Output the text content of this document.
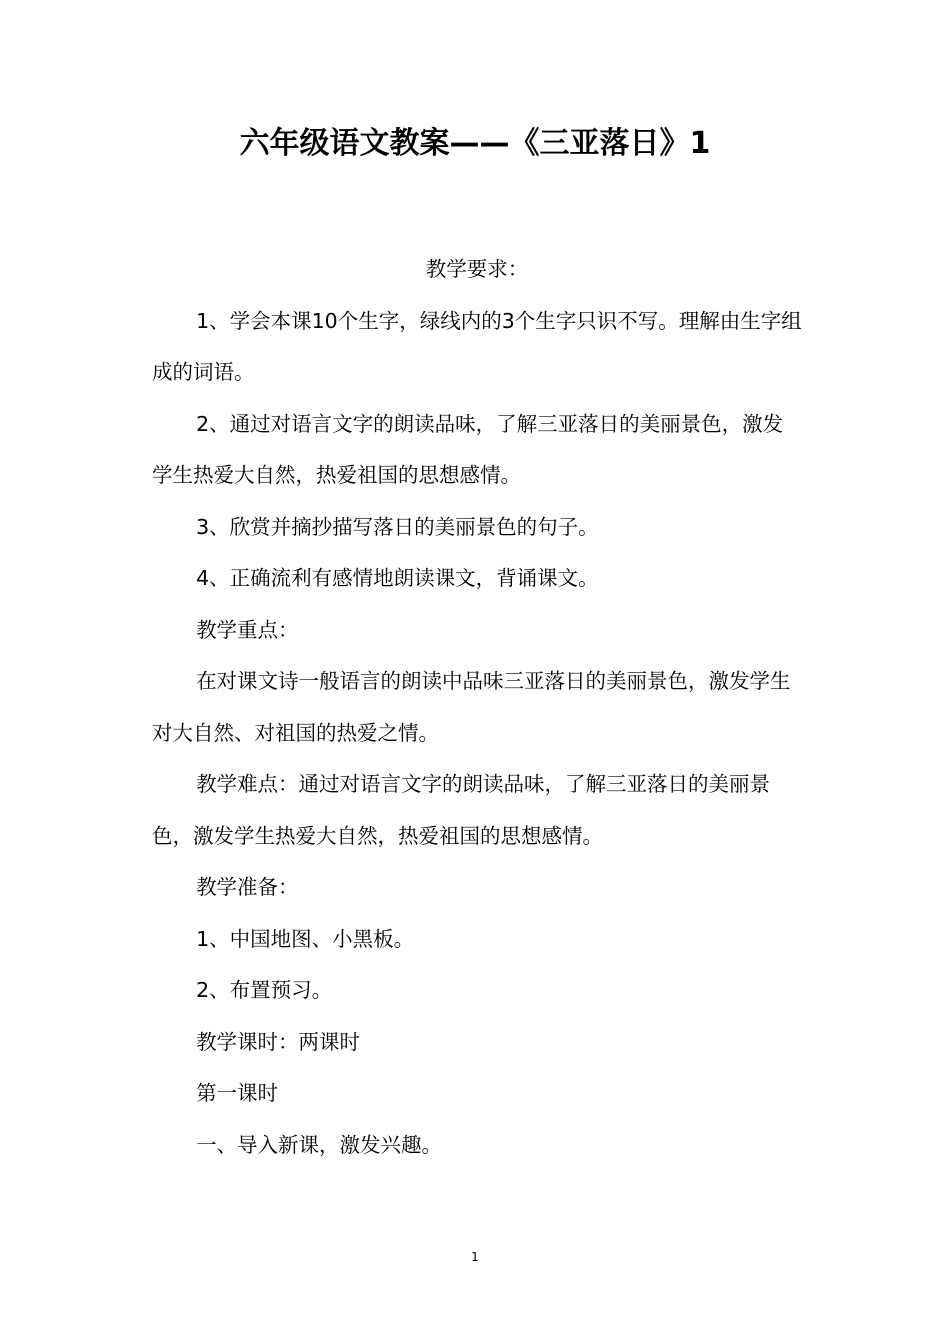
六年级语文教案——《三亚落日》1

教学要求：

1、学会本课10个生字，绿线内的3个生字只识不写。理解由生字组成的词语。

2、通过对语言文字的朗读品味，了解三亚落日的美丽景色，激发学生热爱大自然，热爱祖国的思想感情。

3、欣赏并摘抄描写落日的美丽景色的句子。

4、正确流利有感情地朗读课文，背诵课文。

教学重点：

在对课文诗一般语言的朗读中品味三亚落日的美丽景色，激发学生对大自然、对祖国的热爱之情。

教学难点：通过对语言文字的朗读品味，了解三亚落日的美丽景色，激发学生热爱大自然，热爱祖国的思想感情。

教学准备：

1、中国地图、小黑板。

2、布置预习。

教学课时：两课时

第一课时

一、导入新课，激发兴趣。

1
